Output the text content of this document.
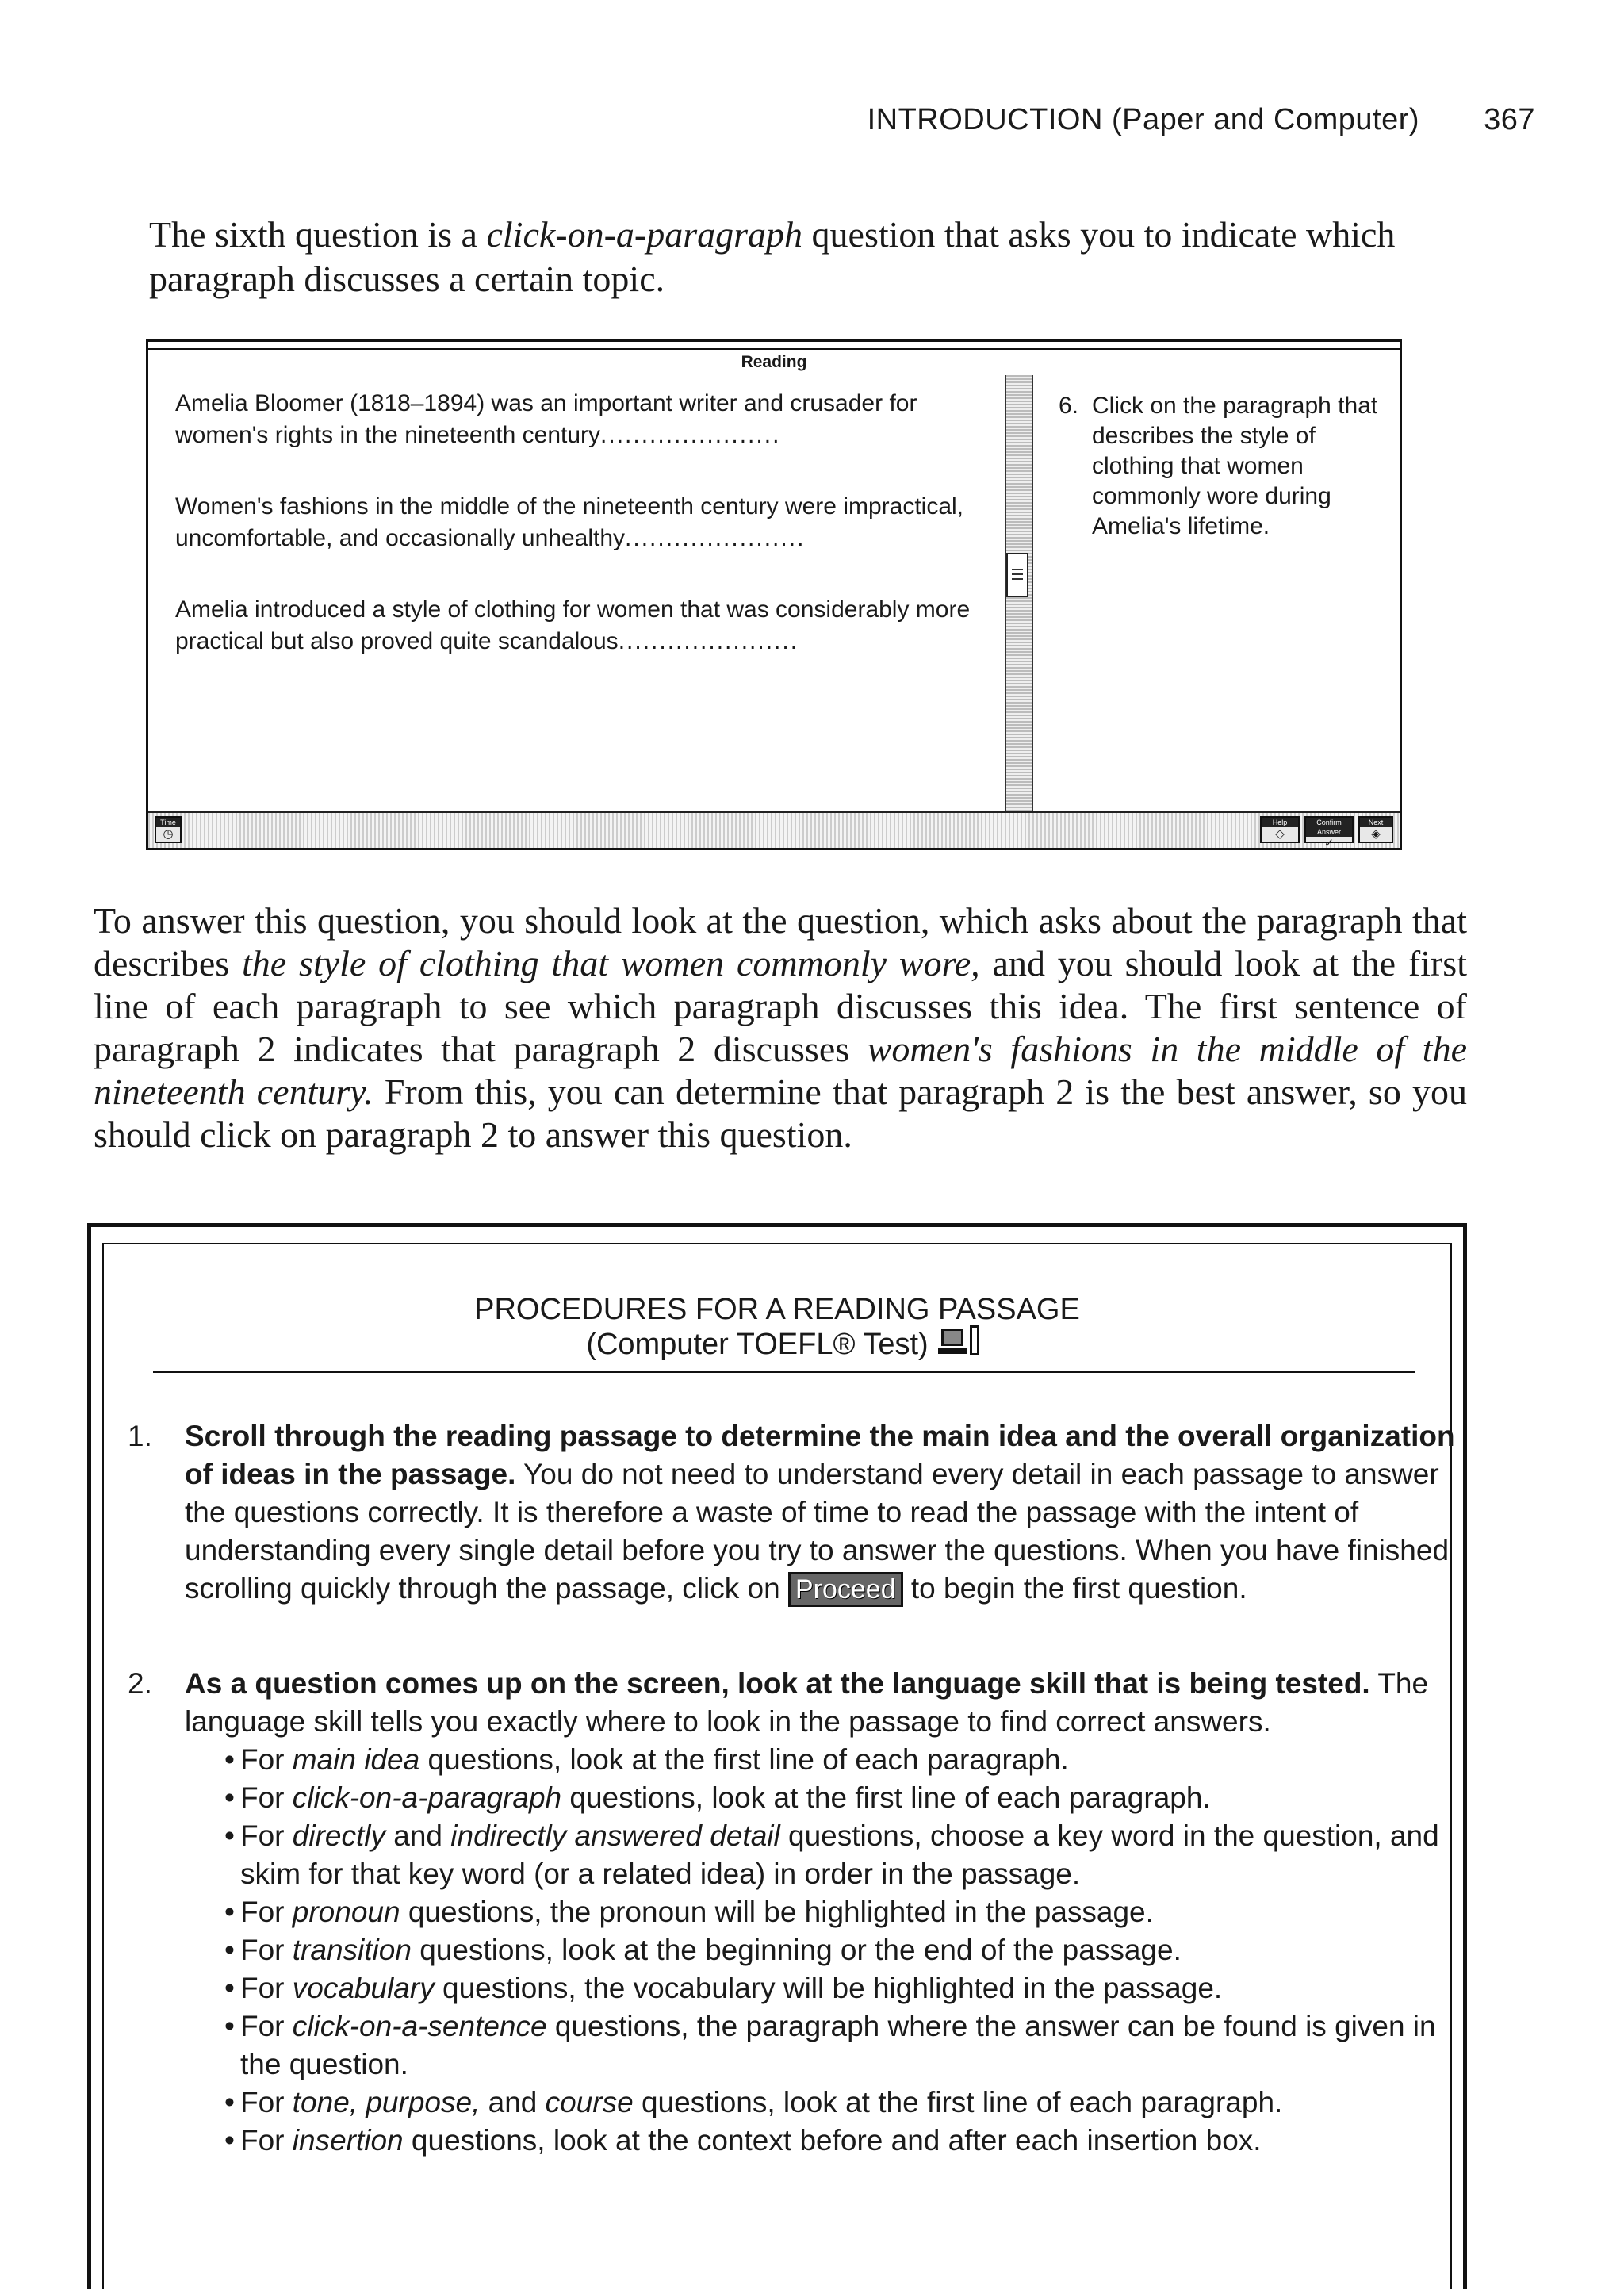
INTRODUCTION (Paper and Computer) 367

The sixth question is a click-on-a-paragraph question that asks you to indicate which paragraph discusses a certain topic.

Reading

Amelia Bloomer (1818–1894) was an important writer and crusader for women's rights in the nineteenth century......................

Women's fashions in the middle of the nineteenth century were impractical, uncomfortable, and occasionally unhealthy......................

Amelia introduced a style of clothing for women that was considerably more practical but also proved quite scandalous......................

6. Click on the paragraph that describes the style of clothing that women commonly wore during Amelia's lifetime.
Time
◷
Help
◇
Confirm Answer
✓
Next
◈

To answer this question, you should look at the question, which asks about the paragraph that describes the style of clothing that women commonly wore, and you should look at the first line of each paragraph to see which paragraph discusses this idea. The first sentence of paragraph 2 indicates that paragraph 2 discusses women's fashions in the middle of the nineteenth century. From this, you can determine that paragraph 2 is the best answer, so you should click on paragraph 2 to answer this question.

PROCEDURES FOR A READING PASSAGE
(Computer TOEFL® Test)
1. Scroll through the reading passage to determine the main idea and the overall organization of ideas in the passage. You do not need to understand every detail in each passage to answer the questions correctly. It is therefore a waste of time to read the passage with the intent of understanding every single detail before you try to answer the questions. When you have finished scrolling quickly through the passage, click on Proceed to begin the first question.
2. As a question comes up on the screen, look at the language skill that is being tested. The language skill tells you exactly where to look in the passage to find correct answers.
• For main idea questions, look at the first line of each paragraph.
• For click-on-a-paragraph questions, look at the first line of each paragraph.
• For directly and indirectly answered detail questions, choose a key word in the question, and skim for that key word (or a related idea) in order in the passage.
• For pronoun questions, the pronoun will be highlighted in the passage.
• For transition questions, look at the beginning or the end of the passage.
• For vocabulary questions, the vocabulary will be highlighted in the passage.
• For click-on-a-sentence questions, the paragraph where the answer can be found is given in the question.
• For tone, purpose, and course questions, look at the first line of each paragraph.
• For insertion questions, look at the context before and after each insertion box.
